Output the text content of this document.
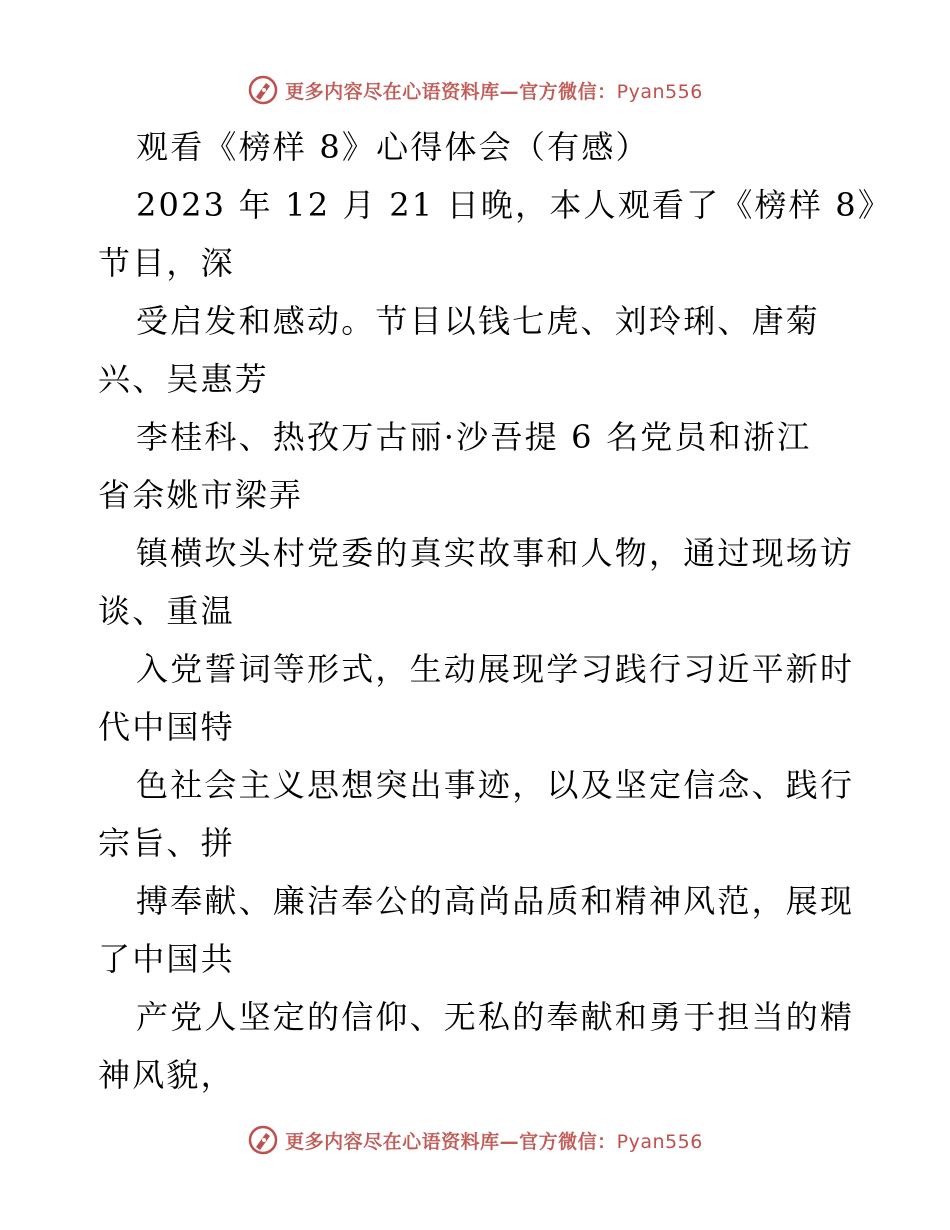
更多内容尽在心语资料库—官方微信：Pyan556
观看《榜样 8》心得体会（有感）
2023 年 12 月 21 日晚，本人观看了《榜样 8》
节目，深
受启发和感动。节目以钱七虎、刘玲琍、唐菊
兴、吴惠芳
李桂科、热孜万古丽·沙吾提 6 名党员和浙江
省余姚市梁弄
镇横坎头村党委的真实故事和人物，通过现场访
谈、重温
入党誓词等形式，生动展现学习践行习近平新时
代中国特
色社会主义思想突出事迹，以及坚定信念、践行
宗旨、拼
搏奉献、廉洁奉公的高尚品质和精神风范，展现
了中国共
产党人坚定的信仰、无私的奉献和勇于担当的精
神风貌，
更多内容尽在心语资料库—官方微信：Pyan556
